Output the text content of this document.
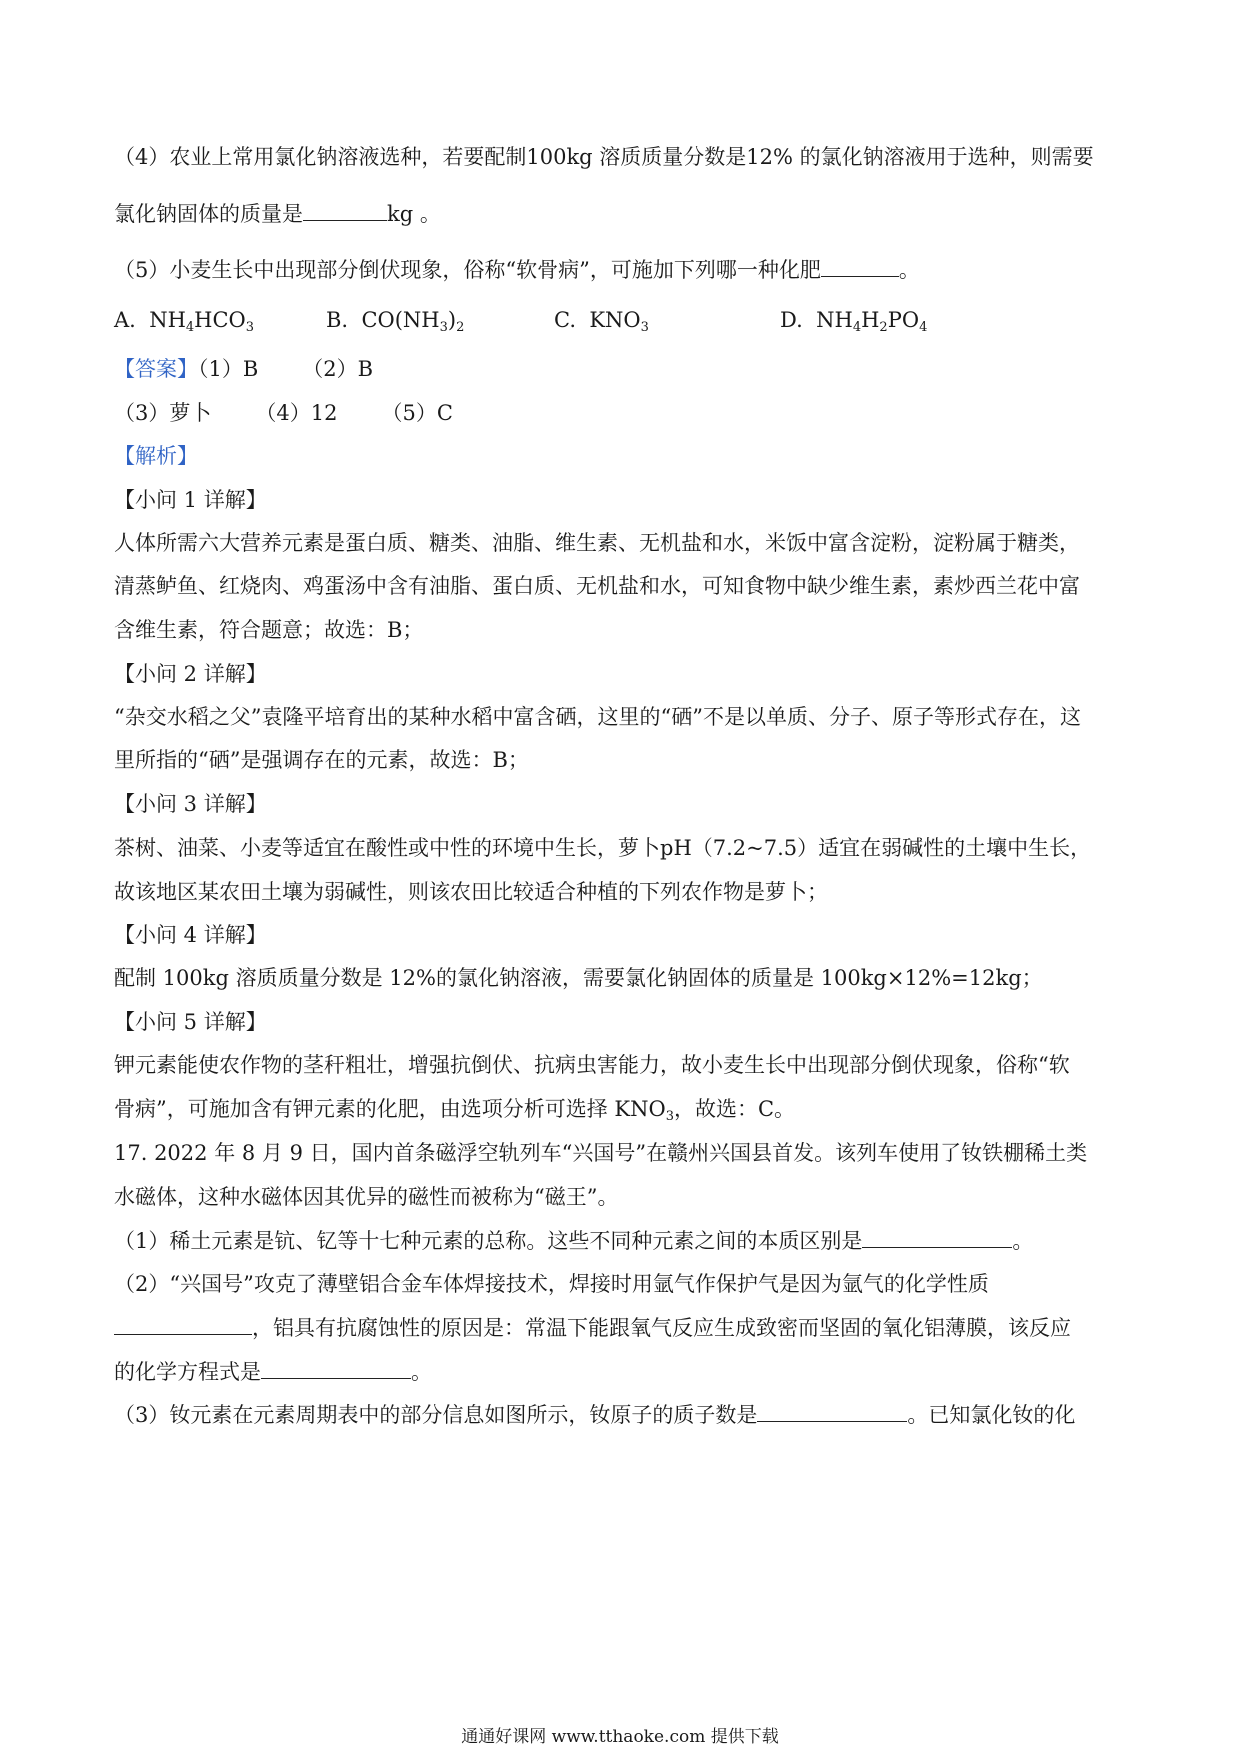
（4）农业上常用氯化钠溶液选种，若要配制100kg 溶质质量分数是12% 的氯化钠溶液用于选种，则需要
氯化钠固体的质量是	kg 。
（5）小麦生长中出现部分倒伏现象，俗称“软骨病”，可施加下列哪一种化肥	。
A.  $NH_4HCO_3$	B.  $CO(NH_3)_2$	C.  $KNO_3$	D.  $NH_4H_2PO_4$
【答案】（1）B （2）B
（3）萝卜 （4）12 （5）C
【解析】
【小问 1 详解】
人体所需六大营养元素是蛋白质、糖类、油脂、维生素、无机盐和水，米饭中富含淀粉，淀粉属于糖类，
清蒸鲈鱼、红烧肉、鸡蛋汤中含有油脂、蛋白质、无机盐和水，可知食物中缺少维生素，素炒西兰花中富
含维生素，符合题意；故选：B；
【小问 2 详解】
“杂交水稻之父”袁隆平培育出的某种水稻中富含硒，这里的“硒”不是以单质、分子、原子等形式存在，这
里所指的“硒”是强调存在的元素，故选：B；
【小问 3 详解】
茶树、油菜、小麦等适宜在酸性或中性的环境中生长，萝卜pH（7.2~7.5）适宜在弱碱性的土壤中生长，
故该地区某农田土壤为弱碱性，则该农田比较适合种植的下列农作物是萝卜；
【小问 4 详解】
配制 100kg 溶质质量分数是 12%的氯化钠溶液，需要氯化钠固体的质量是 100kg×12%=12kg；
【小问 5 详解】
钾元素能使农作物的茎秆粗壮，增强抗倒伏、抗病虫害能力，故小麦生长中出现部分倒伏现象，俗称“软
骨病”，可施加含有钾元素的化肥，由选项分析可选择 $KNO_3$，故选：C。
17. 2022 年 8 月 9 日，国内首条磁浮空轨列车“兴国号”在赣州兴国县首发。该列车使用了钕铁棚稀土类
水磁体，这种水磁体因其优异的磁性而被称为“磁王”。
（1）稀土元素是钪、钇等十七种元素的总称。这些不同种元素之间的本质区别是	。
（2）“兴国号”攻克了薄壁铝合金车体焊接技术，焊接时用氩气作保护气是因为氩气的化学性质
，铝具有抗腐蚀性的原因是：常温下能跟氧气反应生成致密而坚固的氧化铝薄膜，该反应
的化学方程式是	。
（3）钕元素在元素周期表中的部分信息如图所示，钕原子的质子数是	。已知氯化钕的化
通通好课网 www.tthaoke.com 提供下载
